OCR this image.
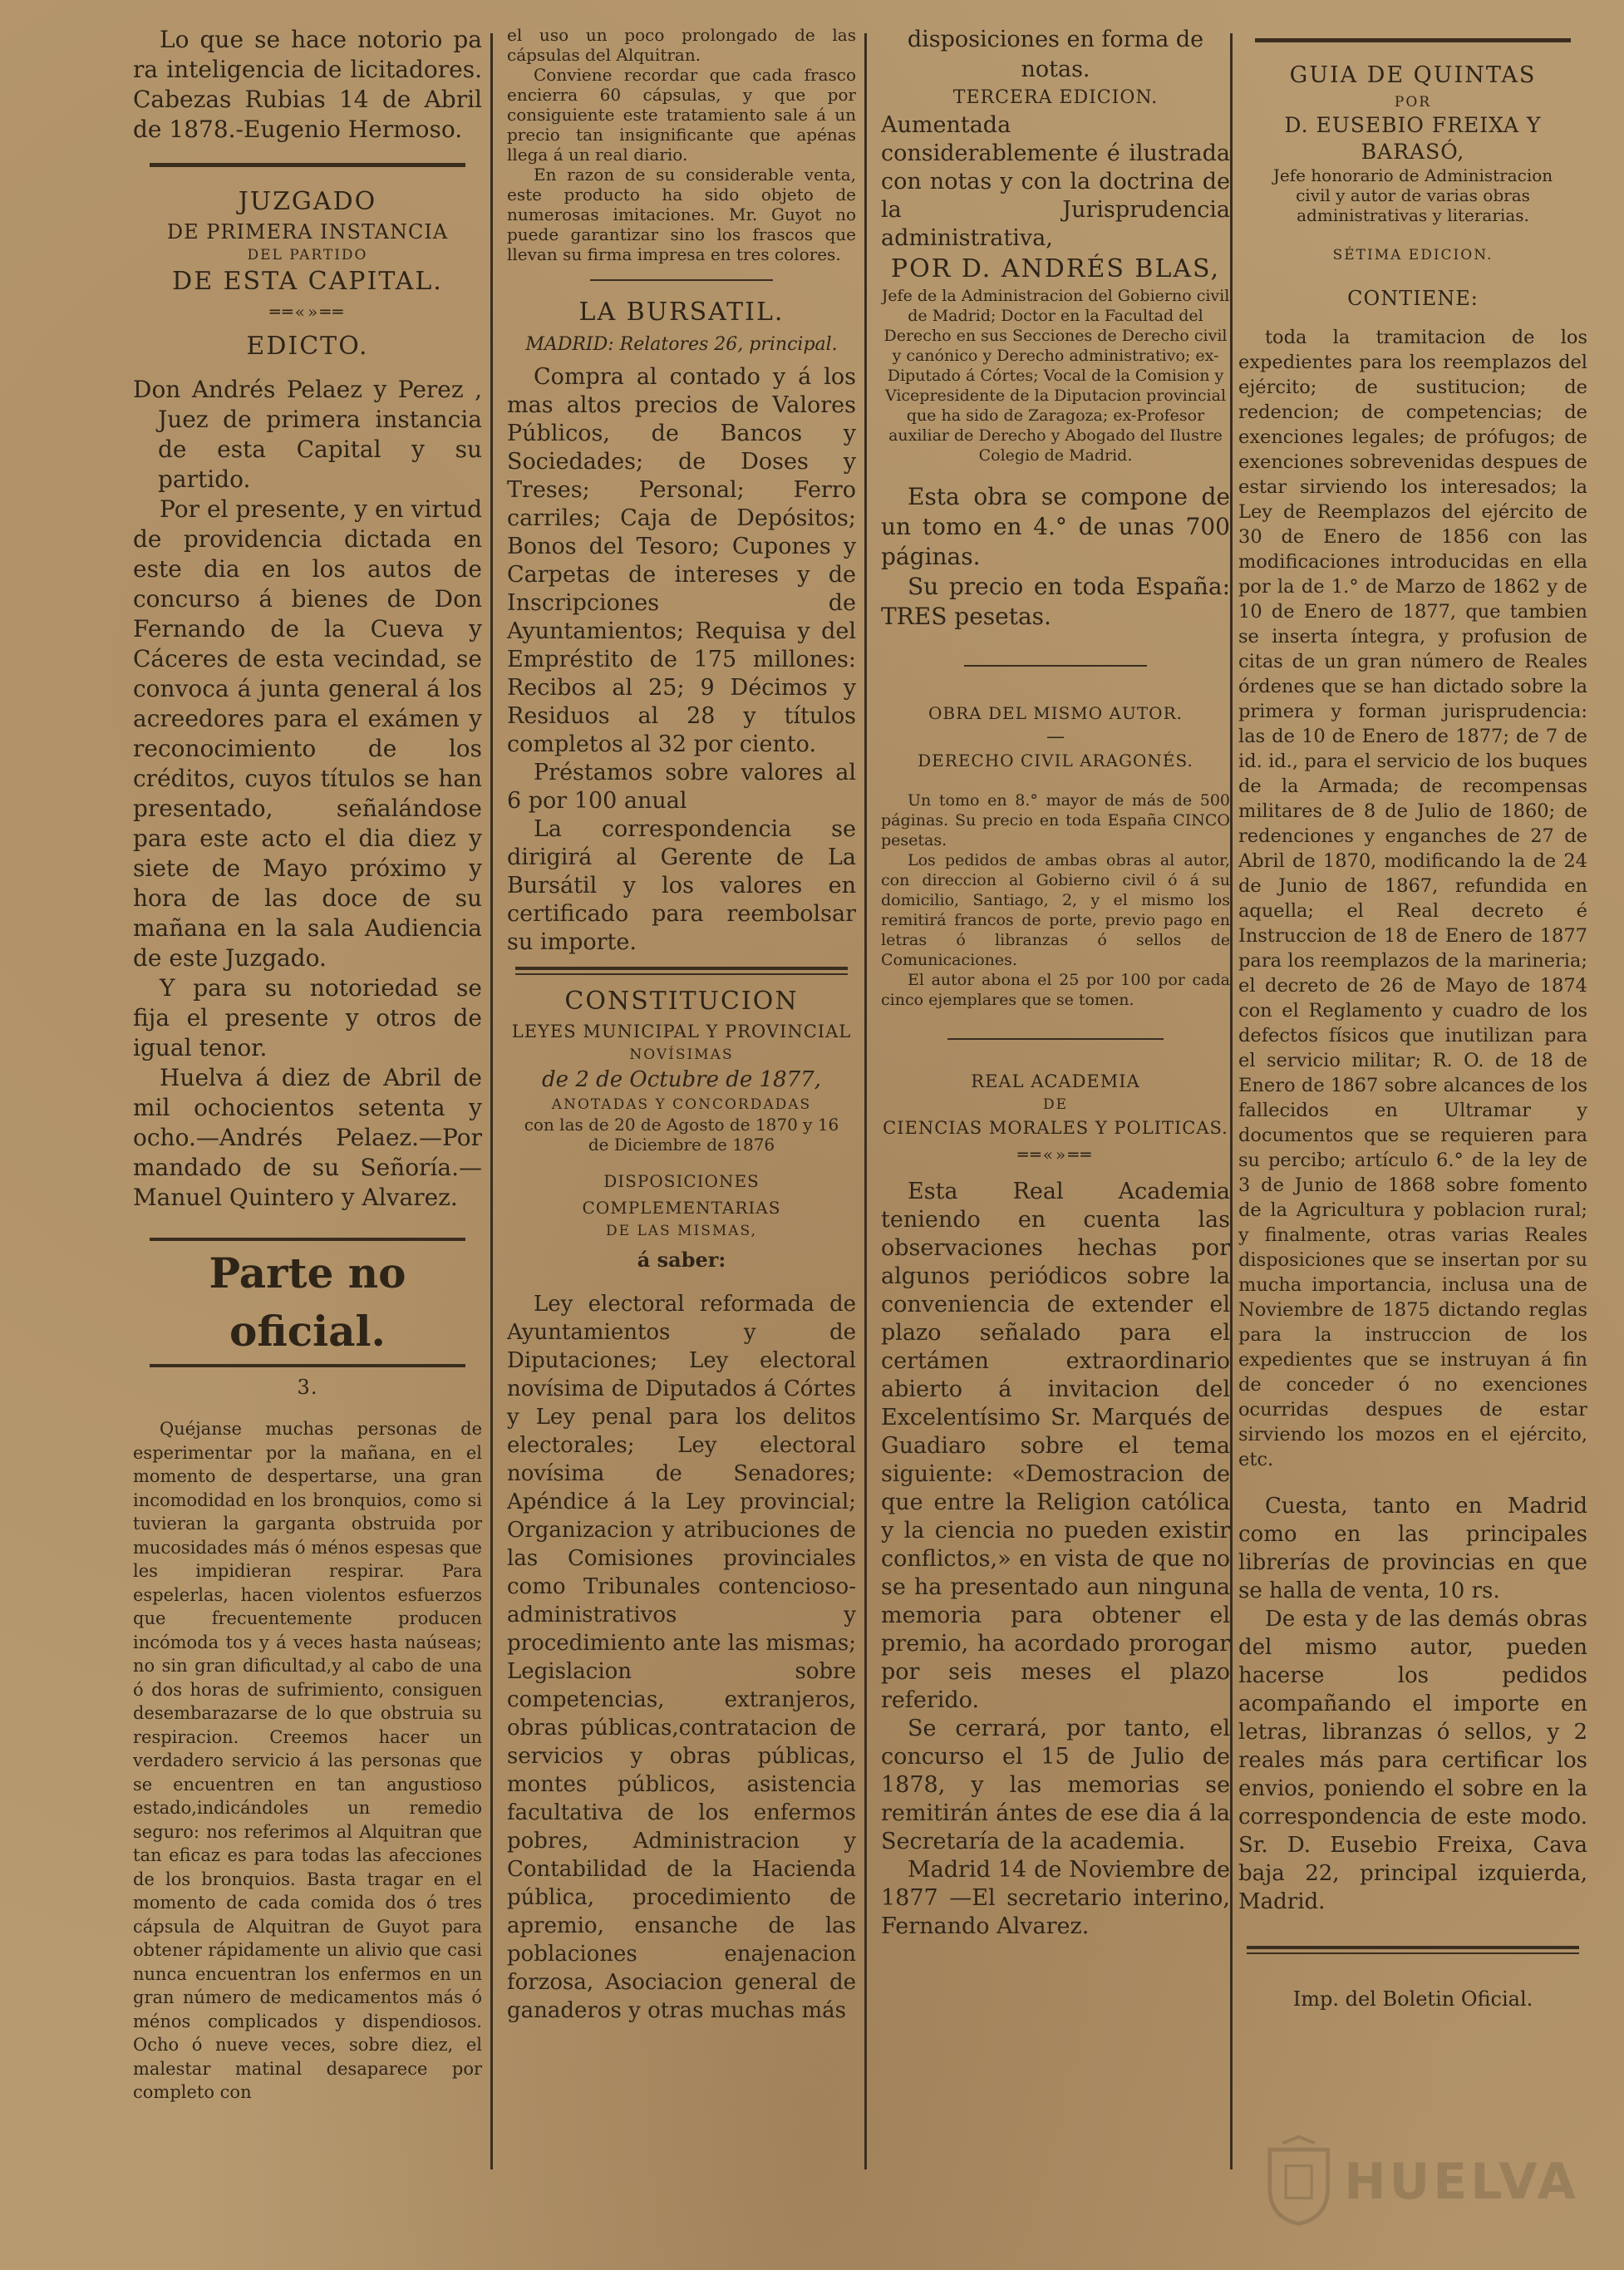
Lo que se hace notorio pa ra inteligencia de licitadores. Cabezas Rubias 14 de Abril de 1878.-Eugenio Hermoso.

JUZGADO
DE PRIMERA INSTANCIA
DEL PARTIDO
DE ESTA CAPITAL.
══«»══
EDICTO.

Don Andrés Pelaez y Perez , Juez de primera instancia de esta Capital y su partido.

Por el presente, y en virtud de providencia dictada en este dia en los autos de concurso á bienes de Don Fernando de la Cueva y Cáceres de esta vecindad, se convoca á junta general á los acreedores para el exámen y reconocimiento de los créditos, cuyos títulos se han presentado, señalándose para este acto el dia diez y siete de Mayo próximo y hora de las doce de su mañana en la sala Audiencia de este Juzgado.

Y para su notoriedad se fija el presente y otros de igual tenor.

Huelva á diez de Abril de mil ochocientos setenta y ocho.—Andrés Pelaez.—Por mandado de su Señoría.—Manuel Quintero y Alvarez.

Parte no oficial.
3.

Quéjanse muchas personas de esperimentar por la mañana, en el momento de despertarse, una gran incomodidad en los bronquios, como si tuvieran la garganta obstruida por mucosidades más ó ménos espesas que les impidieran respirar. Para espelerlas, hacen violentos esfuerzos que frecuentemente producen incómoda tos y á veces hasta naúseas; no sin gran dificultad,y al cabo de una ó dos horas de sufrimiento, consiguen desembarazarse de lo que obstruia su respiracion. Creemos hacer un verdadero servicio á las personas que se encuentren en tan angustioso estado,indicándoles un remedio seguro: nos referimos al Alquitran que tan eficaz es para todas las afecciones de los bronquios. Basta tragar en el momento de cada comida dos ó tres cápsula de Alquitran de Guyot para obtener rápidamente un alivio que casi nunca encuentran los enfermos en un gran número de medicamentos más ó ménos complicados y dispendiosos. Ocho ó nueve veces, sobre diez, el malestar matinal desaparece por completo con

el uso un poco prolongado de las cápsulas del Alquitran.

Conviene recordar que cada frasco encierra 60 cápsulas, y que por consiguiente este tratamiento sale á un precio tan insignificante que apénas llega á un real diario.

En razon de su considerable venta, este producto ha sido objeto de numerosas imitaciones. Mr. Guyot no puede garantizar sino los frascos que llevan su firma impresa en tres colores.

LA BURSATIL.
MADRID: Relatores 26, principal.

Compra al contado y á los mas altos precios de Valores Públicos, de Bancos y Sociedades; de Doses y Treses; Personal; Ferro carriles; Caja de Depósitos; Bonos del Tesoro; Cupones y Carpetas de intereses y de Inscripciones de Ayuntamientos; Requisa y del Empréstito de 175 millones: Recibos al 25; 9 Décimos y Residuos al 28 y títulos completos al 32 por ciento.

Préstamos sobre valores al 6 por 100 anual

La correspondencia se dirigirá al Gerente de La Bursátil y los valores en certificado para reembolsar su importe.

CONSTITUCION
LEYES MUNICIPAL Y PROVINCIAL
NOVÍSIMAS
de 2 de Octubre de 1877,
ANOTADAS Y CONCORDADAS
con las de 20 de Agosto de 1870 y 16 de Diciembre de 1876
DISPOSICIONES COMPLEMENTARIAS
DE LAS MISMAS,
á saber:

Ley electoral reformada de Ayuntamientos y de Diputaciones; Ley electoral novísima de Diputados á Córtes y Ley penal para los delitos electorales; Ley electoral novísima de Senadores; Apéndice á la Ley provincial; Organizacion y atribuciones de las Comisiones provinciales como Tribunales contencioso-administrativos y procedimiento ante las mismas; Legislacion sobre competencias, extranjeros, obras públicas,contratacion de servicios y obras públicas, montes públicos, asistencia facultativa de los enfermos pobres, Administracion y Contabilidad de la Hacienda pública, procedimiento de apremio, ensanche de las poblaciones enajenacion forzosa, Asociacion general de ganaderos y otras muchas más

disposiciones en forma de notas.

TERCERA EDICION.

Aumentada considerablemente é ilustrada con notas y con la doctrina de la Jurisprudencia administrativa,

POR D. ANDRÉS BLAS,

Jefe de la Administracion del Gobierno civil de Madrid; Doctor en la Facultad del Derecho en sus Secciones de Derecho civil y canónico y Derecho administrativo; ex-Diputado á Córtes; Vocal de la Comision y Vicepresidente de la Diputacion provincial que ha sido de Zaragoza; ex-Profesor auxiliar de Derecho y Abogado del Ilustre Colegio de Madrid.

Esta obra se compone de un tomo en 4.° de unas 700 páginas.

Su precio en toda España: TRES pesetas.

OBRA DEL MISMO AUTOR.
—
DERECHO CIVIL ARAGONÉS.

Un tomo en 8.° mayor de más de 500 páginas. Su precio en toda España CINCO pesetas.

Los pedidos de ambas obras al autor, con direccion al Gobierno civil ó á su domicilio, Santiago, 2, y el mismo los remitirá francos de porte, previo pago en letras ó libranzas ó sellos de Comunicaciones.

El autor abona el 25 por 100 por cada cinco ejemplares que se tomen.

REAL ACADEMIA
DE
CIENCIAS MORALES Y POLITICAS.
══«»══

Esta Real Academia teniendo en cuenta las observaciones hechas por algunos periódicos sobre la conveniencia de extender el plazo señalado para el certámen extraordinario abierto á invitacion del Excelentísimo Sr. Marqués de Guadiaro sobre el tema siguiente: «Demostracion de que entre la Religion católica y la ciencia no pueden existir conflictos,» en vista de que no se ha presentado aun ninguna memoria para obtener el premio, ha acordado prorogar por seis meses el plazo referido.

Se cerrará, por tanto, el concurso el 15 de Julio de 1878, y las memorias se remitirán ántes de ese dia á la Secretaría de la academia.

Madrid 14 de Noviembre de 1877 —El secretario interino, Fernando Alvarez.

GUIA DE QUINTAS
POR
D. EUSEBIO FREIXA Y BARASÓ,

Jefe honorario de Administracion civil y autor de varias obras administrativas y literarias.

SÉTIMA EDICION.
CONTIENE:

toda la tramitacion de los expedientes para los reemplazos del ejército; de sustitucion; de redencion; de competencias; de exenciones legales; de prófugos; de exenciones sobrevenidas despues de estar sirviendo los interesados; la Ley de Reemplazos del ejército de 30 de Enero de 1856 con las modificaciones introducidas en ella por la de 1.° de Marzo de 1862 y de 10 de Enero de 1877, que tambien se inserta íntegra, y profusion de citas de un gran número de Reales órdenes que se han dictado sobre la primera y forman jurisprudencia: las de 10 de Enero de 1877; de 7 de id. id., para el servicio de los buques de la Armada; de recompensas militares de 8 de Julio de 1860; de redenciones y enganches de 27 de Abril de 1870, modificando la de 24 de Junio de 1867, refundida en aquella; el Real decreto é Instruccion de 18 de Enero de 1877 para los reemplazos de la marineria; el decreto de 26 de Mayo de 1874 con el Reglamento y cuadro de los defectos físicos que inutilizan para el servicio militar; R. O. de 18 de Enero de 1867 sobre alcances de los fallecidos en Ultramar y documentos que se requieren para su percibo; artículo 6.° de la ley de 3 de Junio de 1868 sobre fomento de la Agricultura y poblacion rural; y finalmente, otras varias Reales disposiciones que se insertan por su mucha importancia, inclusa una de Noviembre de 1875 dictando reglas para la instruccion de los expedientes que se instruyan á fin de conceder ó no exenciones ocurridas despues de estar sirviendo los mozos en el ejército, etc.

Cuesta, tanto en Madrid como en las principales librerías de provincias en que se halla de venta, 10 rs.

De esta y de las demás obras del mismo autor, pueden hacerse los pedidos acompañando el importe en letras, libranzas ó sellos, y 2 reales más para certificar los envios, poniendo el sobre en la correspondencia de este modo. Sr. D. Eusebio Freixa, Cava baja 22, principal izquierda, Madrid.

Imp. del Boletin Oficial.
HUELVA
